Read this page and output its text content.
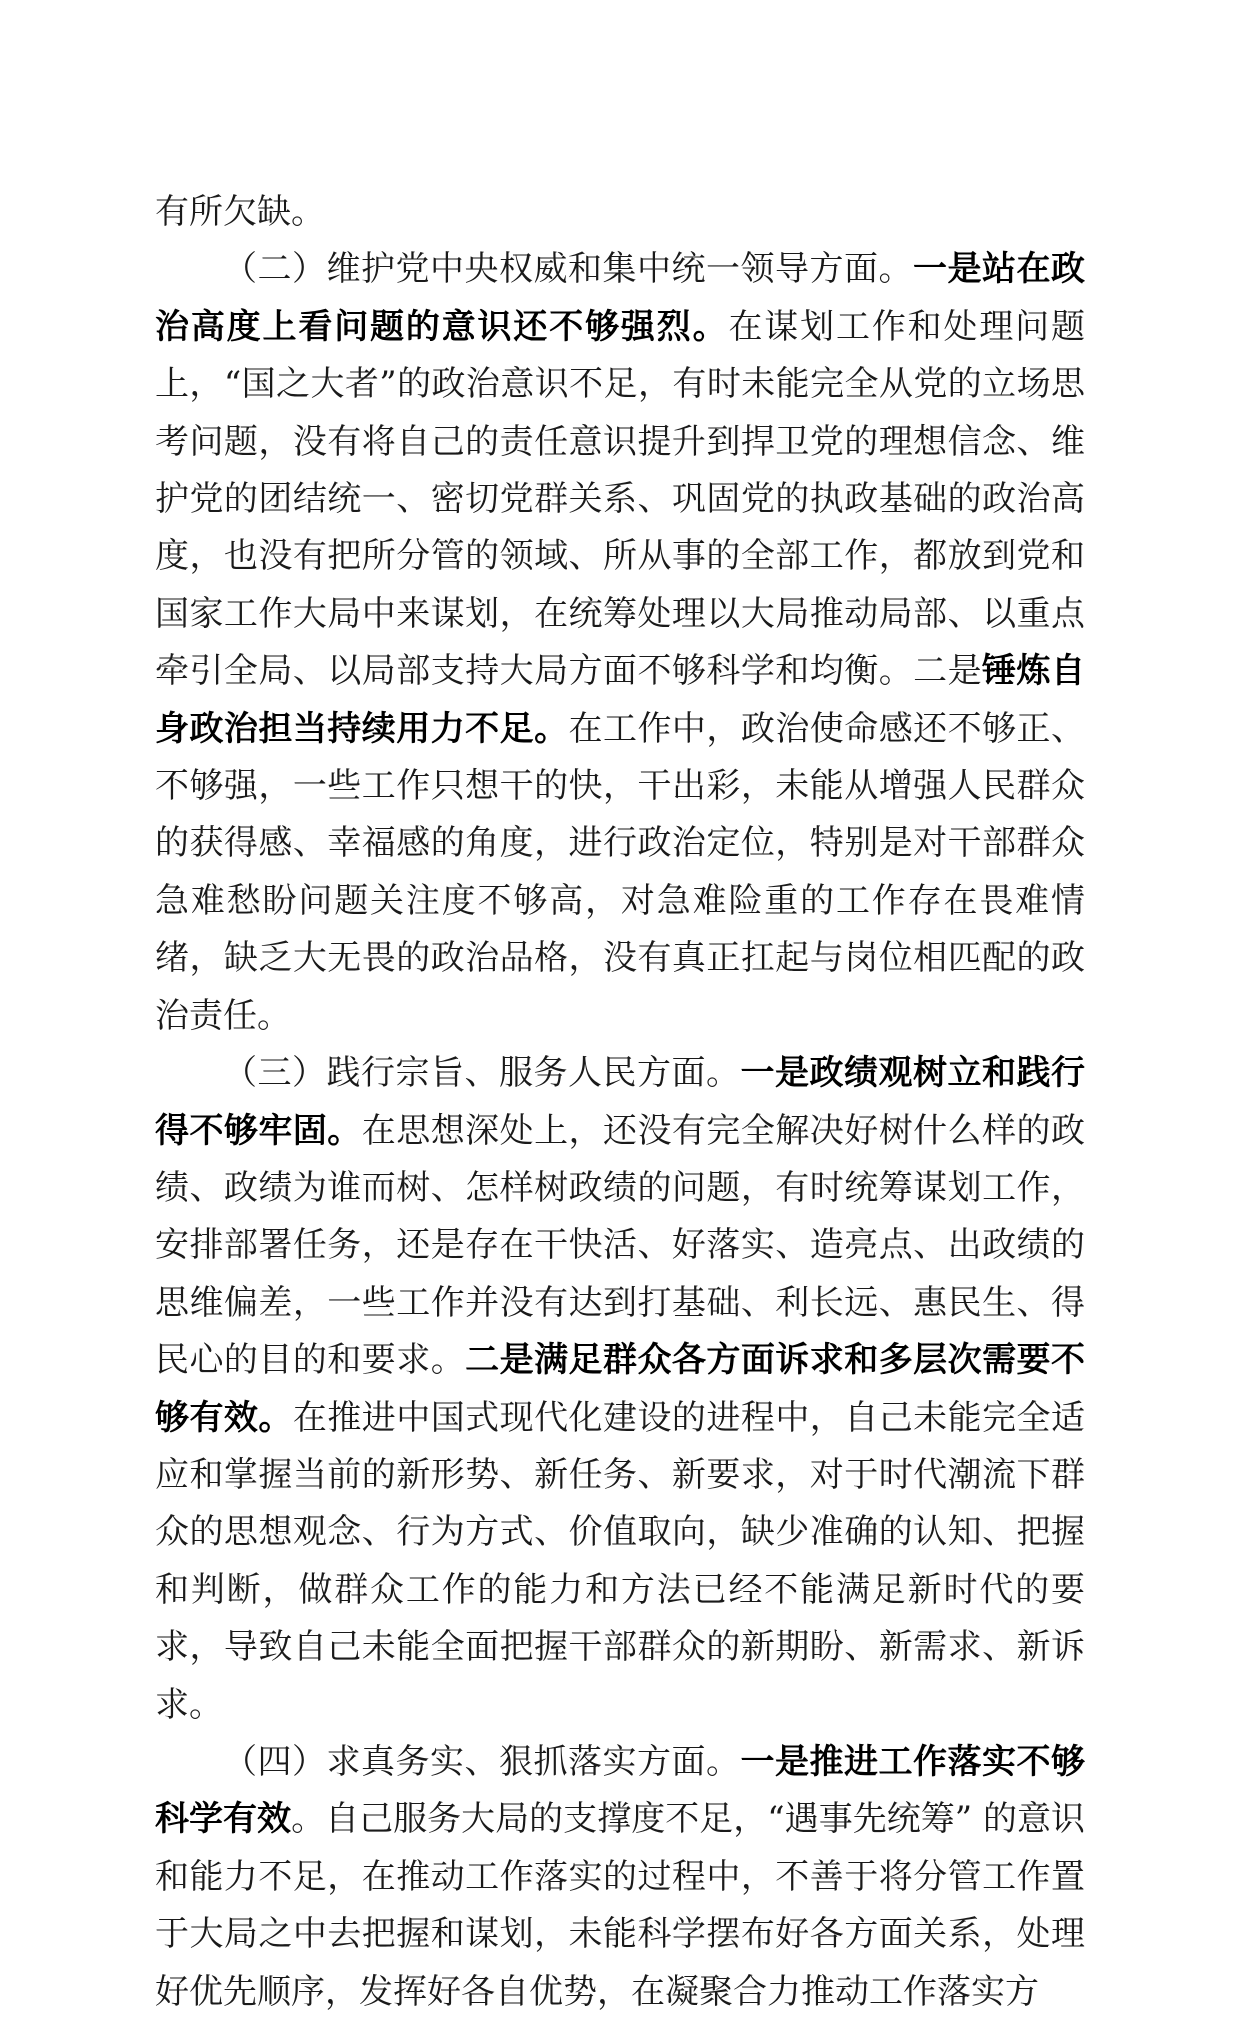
有所欠缺。

（二）维护党中央权威和集中统一领导方面。一是站在政治高度上看问题的意识还不够强烈。在谋划工作和处理问题上，“国之大者”的政治意识不足，有时未能完全从党的立场思考问题，没有将自己的责任意识提升到捍卫党的理想信念、维护党的团结统一、密切党群关系、巩固党的执政基础的政治高度，也没有把所分管的领域、所从事的全部工作，都放到党和国家工作大局中来谋划，在统筹处理以大局推动局部、以重点牵引全局、以局部支持大局方面不够科学和均衡。二是锤炼自身政治担当持续用力不足。在工作中，政治使命感还不够正、不够强，一些工作只想干的快，干出彩，未能从增强人民群众的获得感、幸福感的角度，进行政治定位，特别是对干部群众急难愁盼问题关注度不够高，对急难险重的工作存在畏难情绪，缺乏大无畏的政治品格，没有真正扛起与岗位相匹配的政治责任。

（三）践行宗旨、服务人民方面。一是政绩观树立和践行得不够牢固。在思想深处上，还没有完全解决好树什么样的政绩、政绩为谁而树、怎样树政绩的问题，有时统筹谋划工作，安排部署任务，还是存在干快活、好落实、造亮点、出政绩的思维偏差，一些工作并没有达到打基础、利长远、惠民生、得民心的目的和要求。二是满足群众各方面诉求和多层次需要不够有效。在推进中国式现代化建设的进程中，自己未能完全适应和掌握当前的新形势、新任务、新要求，对于时代潮流下群众的思想观念、行为方式、价值取向，缺少准确的认知、把握和判断，做群众工作的能力和方法已经不能满足新时代的要求，导致自己未能全面把握干部群众的新期盼、新需求、新诉求。

（四）求真务实、狠抓落实方面。一是推进工作落实不够科学有效。自己服务大局的支撑度不足，“遇事先统筹” 的意识和能力不足，在推动工作落实的过程中，不善于将分管工作置于大局之中去把握和谋划，未能科学摆布好各方面关系，处理好优先顺序，发挥好各自优势，在凝聚合力推动工作落实方
